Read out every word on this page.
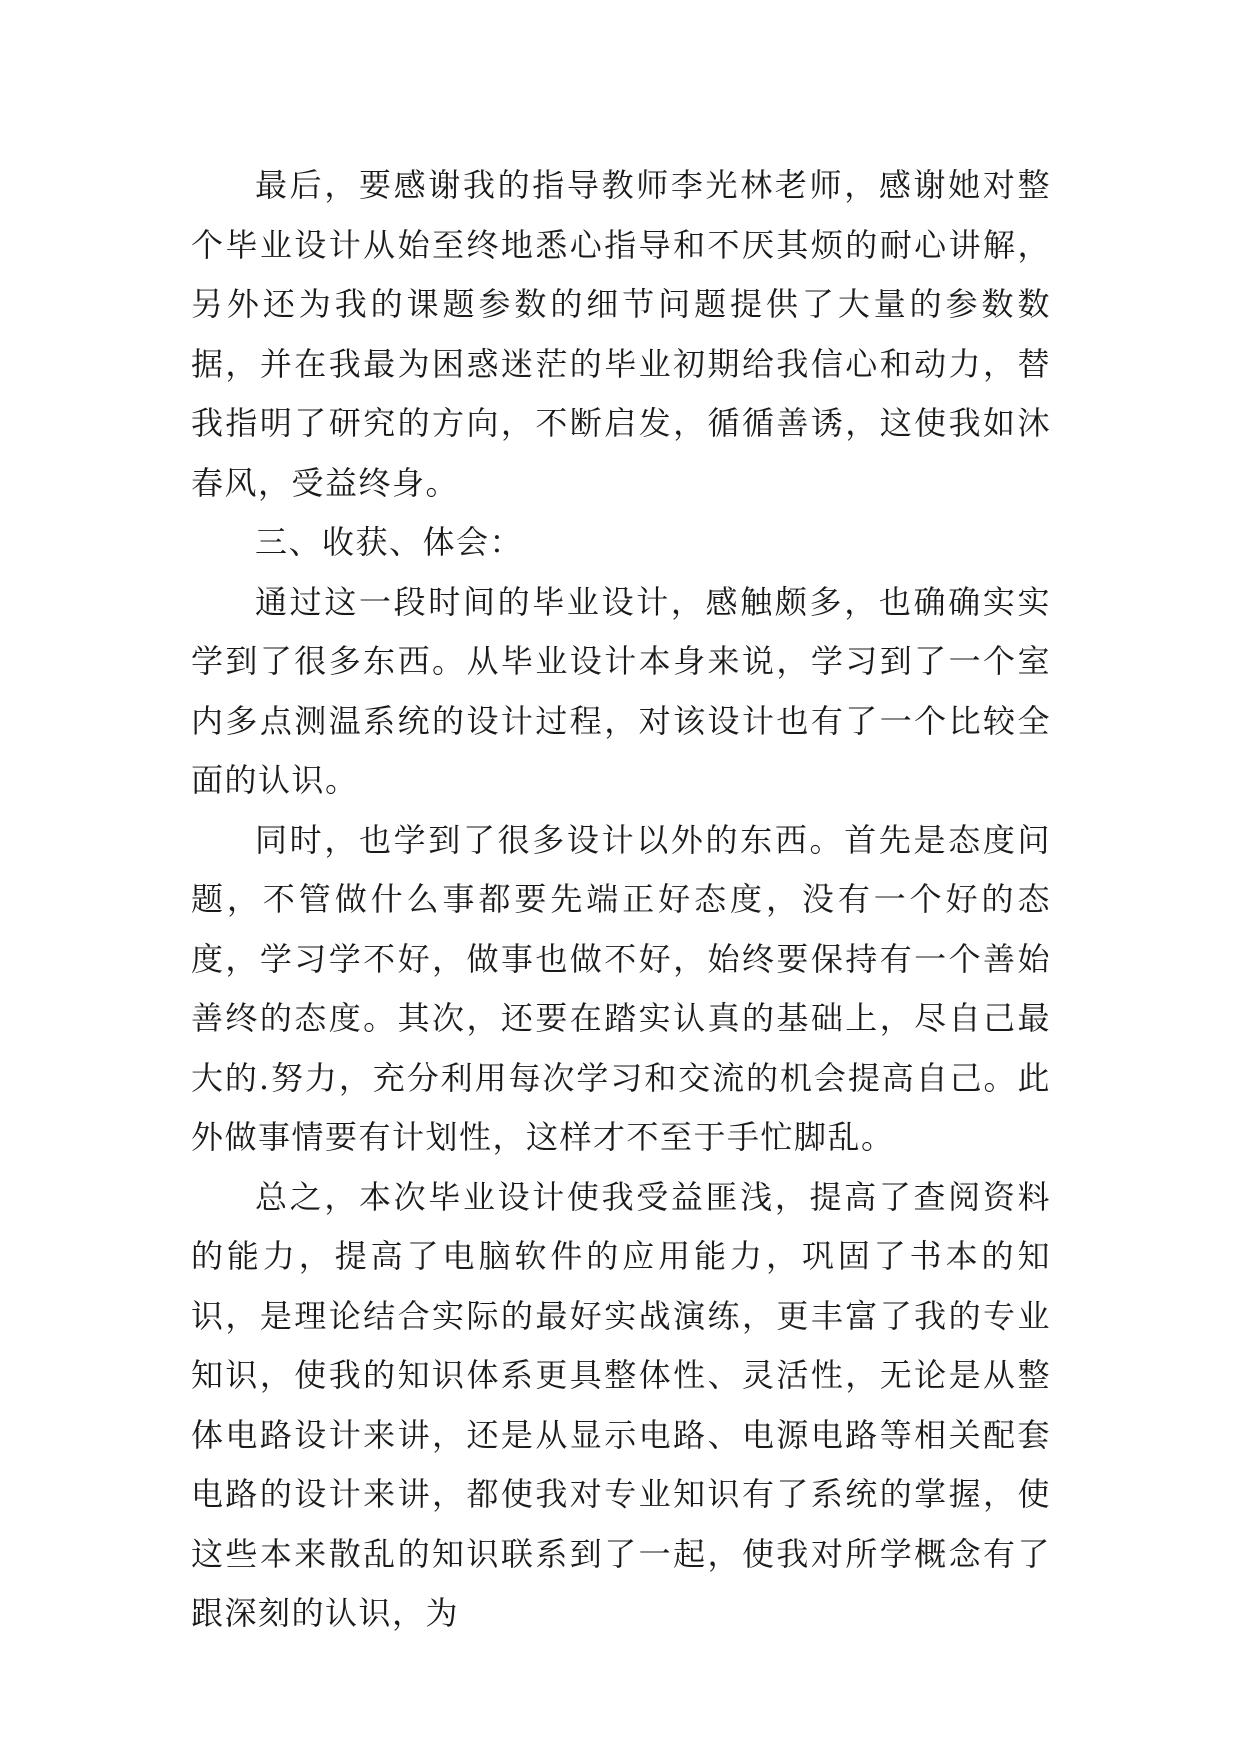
最后，要感谢我的指导教师李光林老师，感谢她对整个毕业设计从始至终地悉心指导和不厌其烦的耐心讲解，另外还为我的课题参数的细节问题提供了大量的参数数据，并在我最为困惑迷茫的毕业初期给我信心和动力，替我指明了研究的方向，不断启发，循循善诱，这使我如沐春风，受益终身。

三、收获、体会：

通过这一段时间的毕业设计，感触颇多，也确确实实学到了很多东西。从毕业设计本身来说，学习到了一个室内多点测温系统的设计过程，对该设计也有了一个比较全面的认识。

同时，也学到了很多设计以外的东西。首先是态度问题，不管做什么事都要先端正好态度，没有一个好的态度，学习学不好，做事也做不好，始终要保持有一个善始善终的态度。其次，还要在踏实认真的基础上，尽自己最大的.努力，充分利用每次学习和交流的机会提高自己。此外做事情要有计划性，这样才不至于手忙脚乱。

总之，本次毕业设计使我受益匪浅，提高了查阅资料的能力，提高了电脑软件的应用能力，巩固了书本的知识，是理论结合实际的最好实战演练，更丰富了我的专业知识，使我的知识体系更具整体性、灵活性，无论是从整体电路设计来讲，还是从显示电路、电源电路等相关配套电路的设计来讲，都使我对专业知识有了系统的掌握，使这些本来散乱的知识联系到了一起，使我对所学概念有了跟深刻的认识，为
